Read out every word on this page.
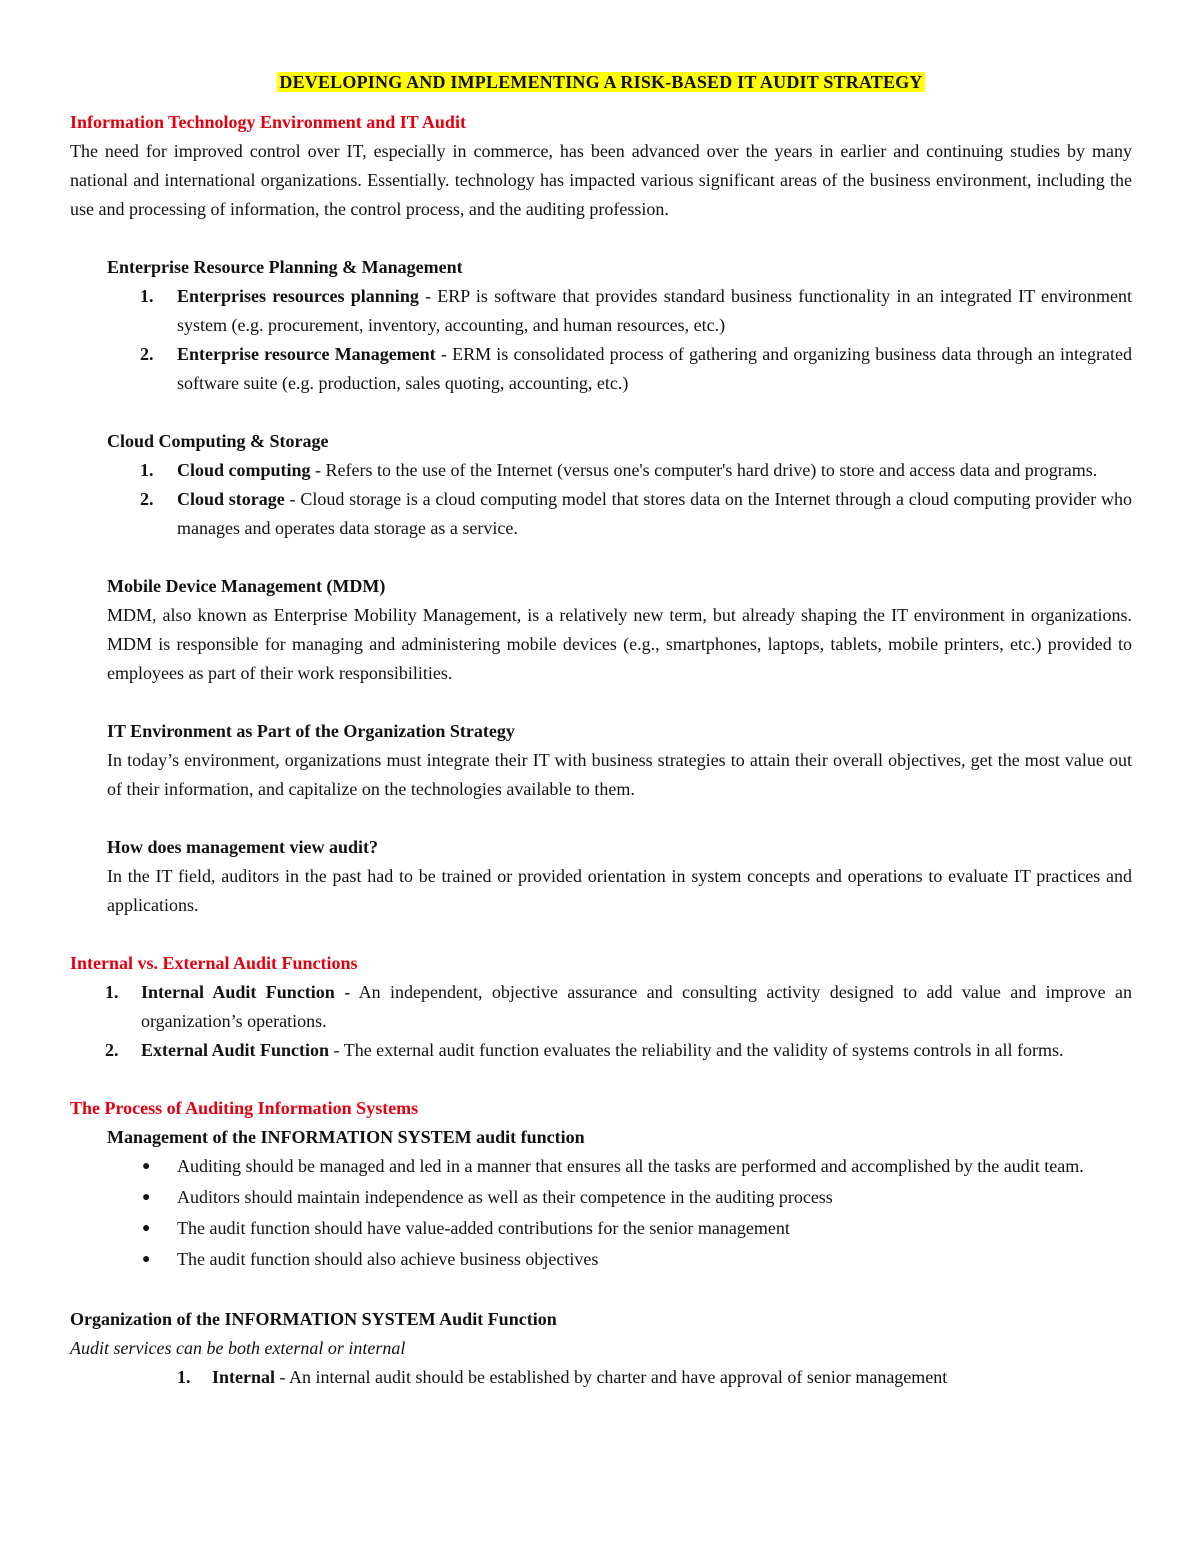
DEVELOPING AND IMPLEMENTING A RISK-BASED IT AUDIT STRATEGY
Information Technology Environment and IT Audit

The need for improved control over IT, especially in commerce, has been advanced over the years in earlier and continuing studies by many national and international organizations. Essentially. technology has impacted various significant areas of the business environment, including the use and processing of information, the control process, and the auditing profession.

Enterprise Resource Planning & Management
1. Enterprises resources planning - ERP is software that provides standard business functionality in an integrated IT environment system (e.g. procurement, inventory, accounting, and human resources, etc.)
2. Enterprise resource Management - ERM is consolidated process of gathering and organizing business data through an integrated software suite (e.g. production, sales quoting, accounting, etc.)
Cloud Computing & Storage
1. Cloud computing - Refers to the use of the Internet (versus one's computer's hard drive) to store and access data and programs.
2. Cloud storage - Cloud storage is a cloud computing model that stores data on the Internet through a cloud computing provider who manages and operates data storage as a service.
Mobile Device Management (MDM)

MDM, also known as Enterprise Mobility Management, is a relatively new term, but already shaping the IT environment in organizations. MDM is responsible for managing and administering mobile devices (e.g., smartphones, laptops, tablets, mobile printers, etc.) provided to employees as part of their work responsibilities.

IT Environment as Part of the Organization Strategy

In today’s environment, organizations must integrate their IT with business strategies to attain their overall objectives, get the most value out of their information, and capitalize on the technologies available to them.

How does management view audit?

In the IT field, auditors in the past had to be trained or provided orientation in system concepts and operations to evaluate IT practices and applications.

Internal vs. External Audit Functions
1. Internal Audit Function - An independent, objective assurance and consulting activity designed to add value and improve an organization’s operations.
2. External Audit Function - The external audit function evaluates the reliability and the validity of systems controls in all forms.
The Process of Auditing Information Systems
Management of the INFORMATION SYSTEM audit function
● Auditing should be managed and led in a manner that ensures all the tasks are performed and accomplished by the audit team.
● Auditors should maintain independence as well as their competence in the auditing process
● The audit function should have value-added contributions for the senior management
● The audit function should also achieve business objectives
Organization of the INFORMATION SYSTEM Audit Function
Audit services can be both external or internal
1. Internal - An internal audit should be established by charter and have approval of senior management
